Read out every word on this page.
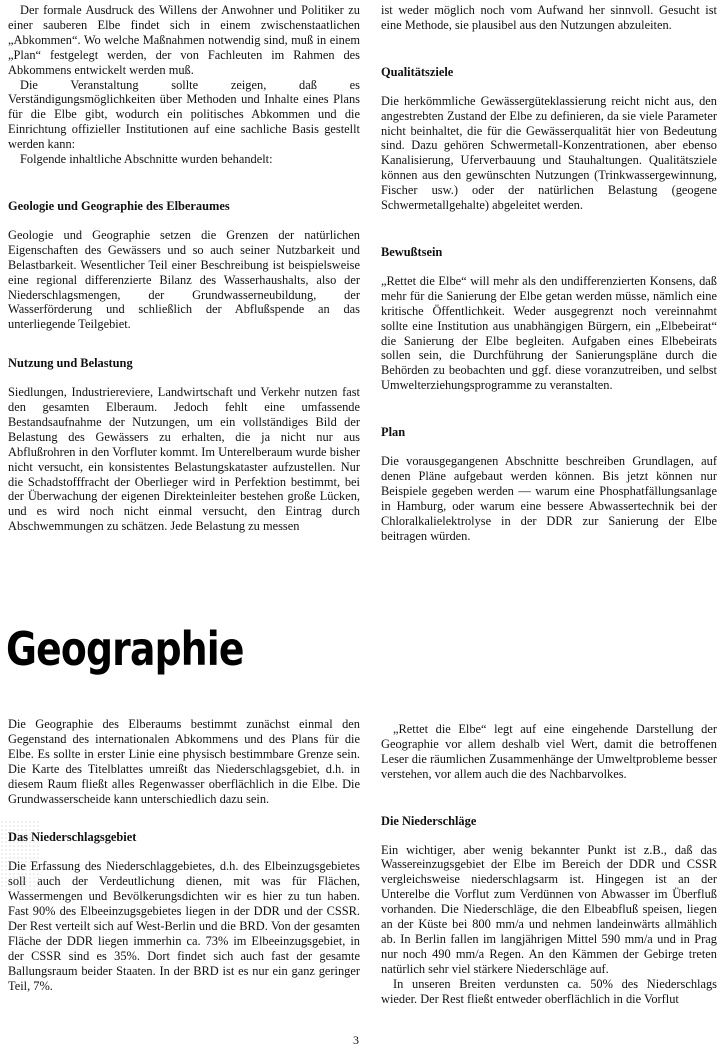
Der formale Ausdruck des Willens der Anwohner und Politiker zu einer sauberen Elbe findet sich in einem zwischenstaatlichen „Abkommen“. Wo welche Maßnahmen notwendig sind, muß in einem „Plan“ festgelegt werden, der von Fachleuten im Rahmen des Abkommens entwickelt werden muß.

Die Veranstaltung sollte zeigen, daß es Verständigungsmöglichkeiten über Methoden und Inhalte eines Plans für die Elbe gibt, wodurch ein politisches Abkommen und die Einrichtung offizieller Institutionen auf eine sachliche Basis gestellt werden kann:

Folgende inhaltliche Abschnitte wurden behandelt:

Geologie und Geographie des Elberaumes

Geologie und Geographie setzen die Grenzen der natürlichen Eigenschaften des Gewässers und so auch seiner Nutzbarkeit und Belastbarkeit. Wesentlicher Teil einer Beschreibung ist beispielsweise eine regional differenzierte Bilanz des Wasserhaushalts, also der Niederschlagsmengen, der Grundwasserneubildung, der Wasserförderung und schließlich der Abflußspende an das unterliegende Teilgebiet.

Nutzung und Belastung

Siedlungen, Industriereviere, Landwirtschaft und Verkehr nutzen fast den gesamten Elberaum. Jedoch fehlt eine umfassende Bestandsaufnahme der Nutzungen, um ein vollständiges Bild der Belastung des Gewässers zu erhalten, die ja nicht nur aus Abflußrohren in den Vorfluter kommt. Im Unterelberaum wurde bisher nicht versucht, ein konsistentes Belastungskataster aufzustellen. Nur die Schadstofffracht der Oberlieger wird in Perfektion bestimmt, bei der Überwachung der eigenen Direkteinleiter bestehen große Lücken, und es wird noch nicht einmal versucht, den Eintrag durch Abschwemmungen zu schätzen. Jede Belastung zu messen

ist weder möglich noch vom Aufwand her sinnvoll. Gesucht ist eine Methode, sie plausibel aus den Nutzungen abzuleiten.

Qualitätsziele

Die herkömmliche Gewässergüteklassierung reicht nicht aus, den angestrebten Zustand der Elbe zu definieren, da sie viele Parameter nicht beinhaltet, die für die Gewässerqualität hier von Bedeutung sind. Dazu gehören Schwermetall-Konzentrationen, aber ebenso Kanalisierung, Uferverbauung und Stauhaltungen. Qualitätsziele können aus den gewünschten Nutzungen (Trinkwassergewinnung, Fischer usw.) oder der natürlichen Belastung (geogene Schwermetallgehalte) abgeleitet werden.

Bewußtsein

„Rettet die Elbe“ will mehr als den undifferenzierten Konsens, daß mehr für die Sanierung der Elbe getan werden müsse, nämlich eine kritische Öffentlichkeit. Weder ausgegrenzt noch vereinnahmt sollte eine Institution aus unabhängigen Bürgern, ein „Elbebeirat“ die Sanierung der Elbe begleiten. Aufgaben eines Elbebeirats sollen sein, die Durchführung der Sanierungspläne durch die Behörden zu beobachten und ggf. diese voranzutreiben, und selbst Umwelterziehungsprogramme zu veranstalten.

Plan

Die vorausgegangenen Abschnitte beschreiben Grundlagen, auf denen Pläne aufgebaut werden können. Bis jetzt können nur Beispiele gegeben werden — warum eine Phosphatfällungsanlage in Hamburg, oder warum eine bessere Abwassertechnik bei der Chloralkalielektrolyse in der DDR zur Sanierung der Elbe beitragen würden.

Geographie

Die Geographie des Elberaums bestimmt zunächst einmal den Gegenstand des internationalen Abkommens und des Plans für die Elbe. Es sollte in erster Linie eine physisch bestimmbare Grenze sein. Die Karte des Titelblattes umreißt das Niederschlagsgebiet, d.h. in diesem Raum fließt alles Regenwasser oberflächlich in die Elbe. Die Grundwasserscheide kann unterschiedlich dazu sein.

Das Niederschlagsgebiet

Die Erfassung des Niederschlaggebietes, d.h. des Elbeinzugsgebietes soll auch der Verdeutlichung dienen, mit was für Flächen, Wassermengen und Bevölkerungsdichten wir es hier zu tun haben. Fast 90% des Elbeeinzugsgebietes liegen in der DDR und der CSSR. Der Rest verteilt sich auf West-Berlin und die BRD. Von der gesamten Fläche der DDR liegen immerhin ca. 73% im Elbeeinzugsgebiet, in der CSSR sind es 35%. Dort findet sich auch fast der gesamte Ballungsraum beider Staaten. In der BRD ist es nur ein ganz geringer Teil, 7%.

„Rettet die Elbe“ legt auf eine eingehende Darstellung der Geographie vor allem deshalb viel Wert, damit die betroffenen Leser die räumlichen Zusammenhänge der Umweltprobleme besser verstehen, vor allem auch die des Nachbarvolkes.

Die Niederschläge

Ein wichtiger, aber wenig bekannter Punkt ist z.B., daß das Wassereinzugsgebiet der Elbe im Bereich der DDR und CSSR vergleichsweise niederschlagsarm ist. Hingegen ist an der Unterelbe die Vorflut zum Verdünnen von Abwasser im Überfluß vorhanden. Die Niederschläge, die den Elbeabfluß speisen, liegen an der Küste bei 800 mm/a und nehmen landeinwärts allmählich ab. In Berlin fallen im langjährigen Mittel 590 mm/a und in Prag nur noch 490 mm/a Regen. An den Kämmen der Gebirge treten natürlich sehr viel stärkere Niederschläge auf.

In unseren Breiten verdunsten ca. 50% des Niederschlags wieder. Der Rest fließt entweder oberflächlich in die Vorflut

3
